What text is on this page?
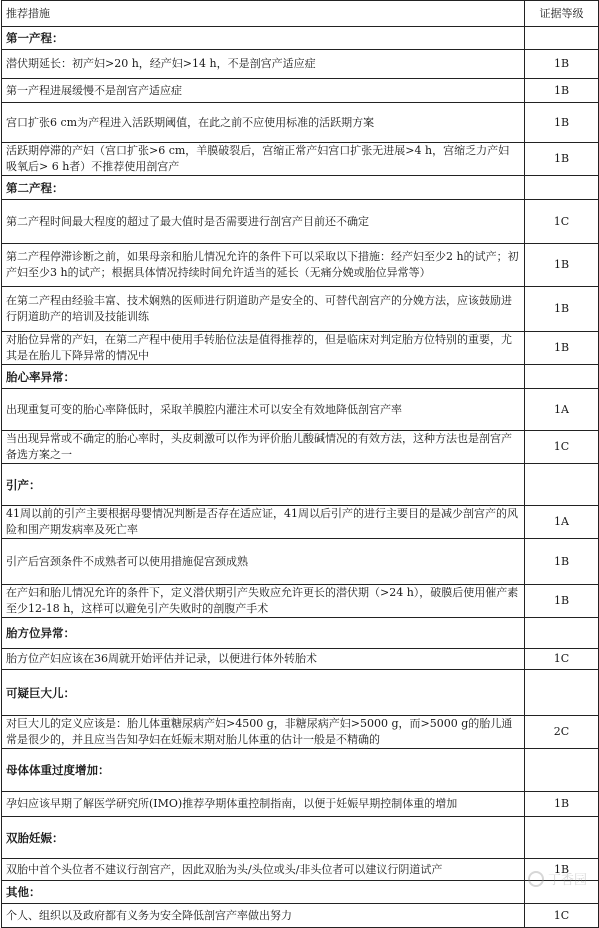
推荐措施	证据等级
第一产程：	
潜伏期延长：初产妇>20 h，经产妇>14 h，不是剖宫产适应症	1B
第一产程进展缓慢不是剖宫产适应症	1B
宫口扩张6 cm为产程进入活跃期阈值，在此之前不应使用标准的活跃期方案	1B
活跃期停滞的产妇（宫口扩张>6 cm，羊膜破裂后，宫缩正常产妇宫口扩张无进展>4 h，宫缩乏力产妇吸氧后> 6 h者）不推荐使用剖宫产	1B
第二产程：	
第二产程时间最大程度的超过了最大值时是否需要进行剖宫产目前还不确定	1C
第二产程停滞诊断之前，如果母亲和胎儿情况允许的条件下可以采取以下措施：经产妇至少2 h的试产；初产妇至少3 h的试产；根据具体情况持续时间允许适当的延长（无痛分娩或胎位异常等）	1B
在第二产程由经验丰富、技术娴熟的医师进行阴道助产是安全的、可替代剖宫产的分娩方法，应该鼓励进行阴道助产的培训及技能训练	1B
对胎位异常的产妇，在第二产程中使用手转胎位法是值得推荐的，但是临床对判定胎方位特别的重要，尤其是在胎儿下降异常的情况中	1B
胎心率异常：	
出现重复可变的胎心率降低时，采取羊膜腔内灌注术可以安全有效地降低剖宫产率	1A
当出现异常或不确定的胎心率时，头皮刺激可以作为评价胎儿酸碱情况的有效方法，这种方法也是剖宫产备选方案之一	1C
引产：	
41周以前的引产主要根据母婴情况判断是否存在适应证，41周以后引产的进行主要目的是减少剖宫产的风险和围产期发病率及死亡率	1A
引产后宫颈条件不成熟者可以使用措施促宫颈成熟	1B
在产妇和胎儿情况允许的条件下，定义潜伏期引产失败应允许更长的潜伏期（>24 h），破膜后使用催产素至少12-18 h，这样可以避免引产失败时的剖腹产手术	1B
胎方位异常：	
胎方位产妇应该在36周就开始评估并记录，以便进行体外转胎术	1C
可疑巨大儿：	
对巨大儿的定义应该是：胎儿体重糖尿病产妇>4500 g，非糖尿病产妇>5000 g，而>5000 g的胎儿通常是很少的，并且应当告知孕妇在妊娠末期对胎儿体重的估计一般是不精确的	2C
母体体重过度增加：	
孕妇应该早期了解医学研究所(IMO)推荐孕期体重控制指南，以便于妊娠早期控制体重的增加	1B
双胎妊娠：	
双胎中首个头位者不建议行剖宫产，因此双胎为头/头位或头/非头位者可以建议行阴道试产	1B
其他：	
个人、组织以及政府都有义务为安全降低剖宫产率做出努力	1C
丁香园
